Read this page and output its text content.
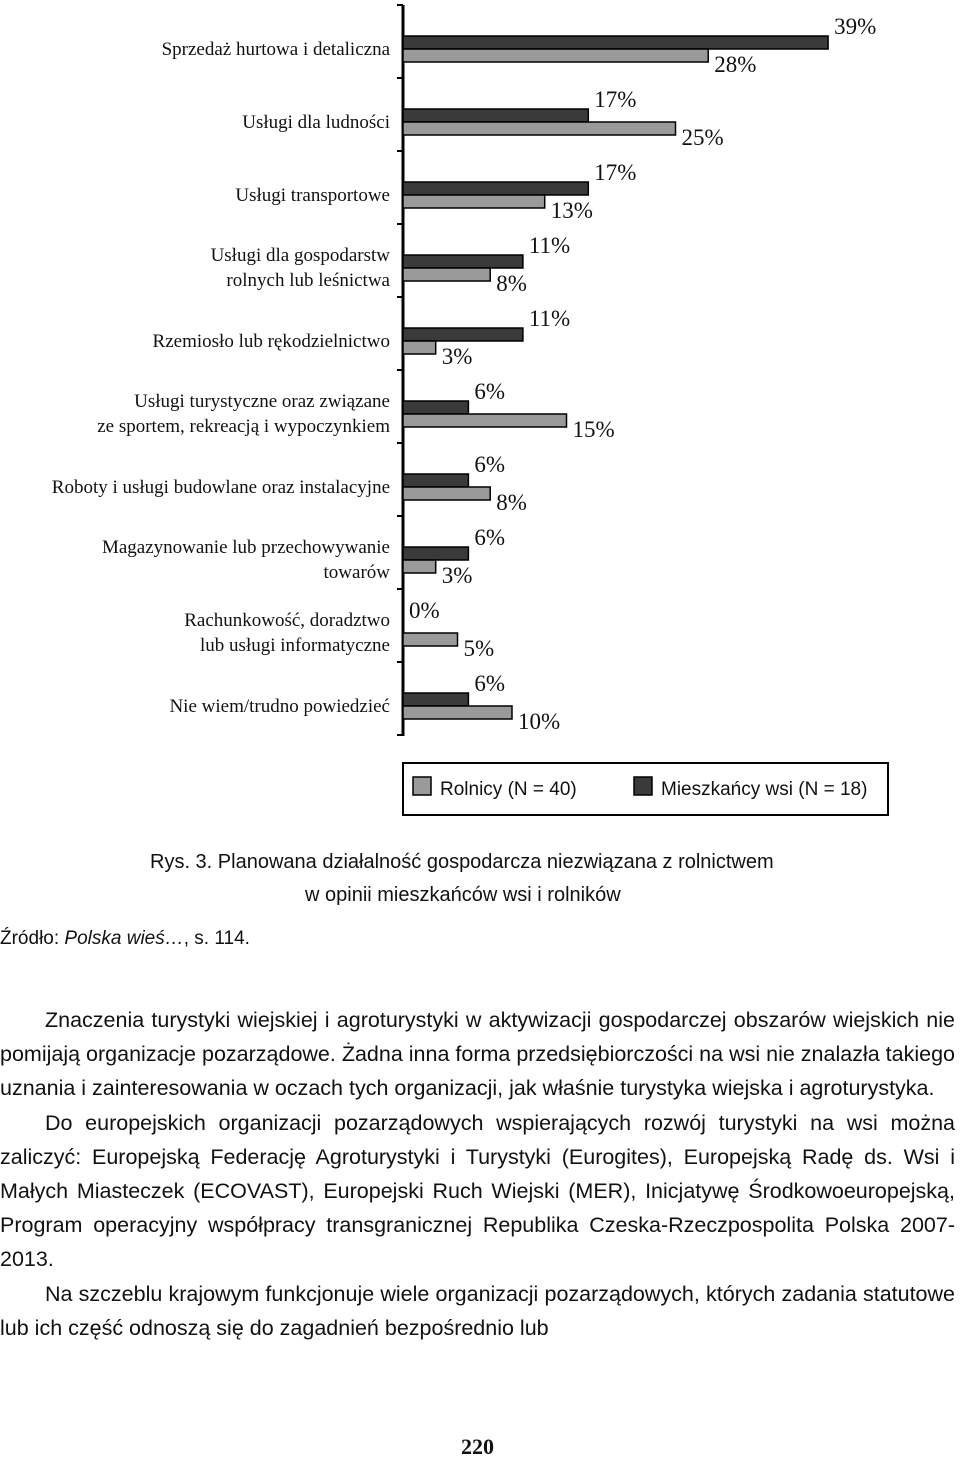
Sprzedaż hurtowa i detaliczna
Usługi dla ludności
Usługi transportowe
Usługi dla gospodarstw
rolnych lub leśnictwa
Rzemiosło lub rękodzielnictwo
Usługi turystyczne oraz związane
ze sportem, rekreacją i wypoczynkiem
Roboty i usługi budowlane oraz instalacyjne
Magazynowanie lub przechowywanie
towarów
Rachunkowość, doradztwo
lub usługi informatyczne
Nie wiem/trudno powiedzieć
39%
28%
17%
25%
17%
13%
11%
8%
11%
3%
6%
15%
6%
8%
6%
3%
0%
5%
6%
10%
Rolnicy (N = 40)	Mieszkańcy wsi (N = 18)
Rys. 3. Planowana działalność gospodarcza niezwiązana z rolnictwem
w opinii mieszkańców wsi i rolników
Źródło: Polska wieś…, s. 114.

Znaczenia turystyki wiejskiej i agroturystyki w aktywizacji gospodarczej obszarów wiejskich nie pomijają organizacje pozarządowe. Żadna inna forma przedsiębiorczości na wsi nie znalazła takiego uznania i zainteresowania w oczach tych organizacji, jak właśnie turystyka wiejska i agroturystyka.

Do europejskich organizacji pozarządowych wspierających rozwój turystyki na wsi można zaliczyć: Europejską Federację Agroturystyki i Turystyki (Eurogites), Europejską Radę ds. Wsi i Małych Miasteczek (ECOVAST), Europejski Ruch Wiejski (MER), Inicjatywę Środkowoeuropejską, Program operacyjny współpracy transgranicznej Republika Czeska-Rzeczpospolita Polska 2007-2013.

Na szczeblu krajowym funkcjonuje wiele organizacji pozarządowych, których zadania statutowe lub ich część odnoszą się do zagadnień bezpośrednio lub

220
